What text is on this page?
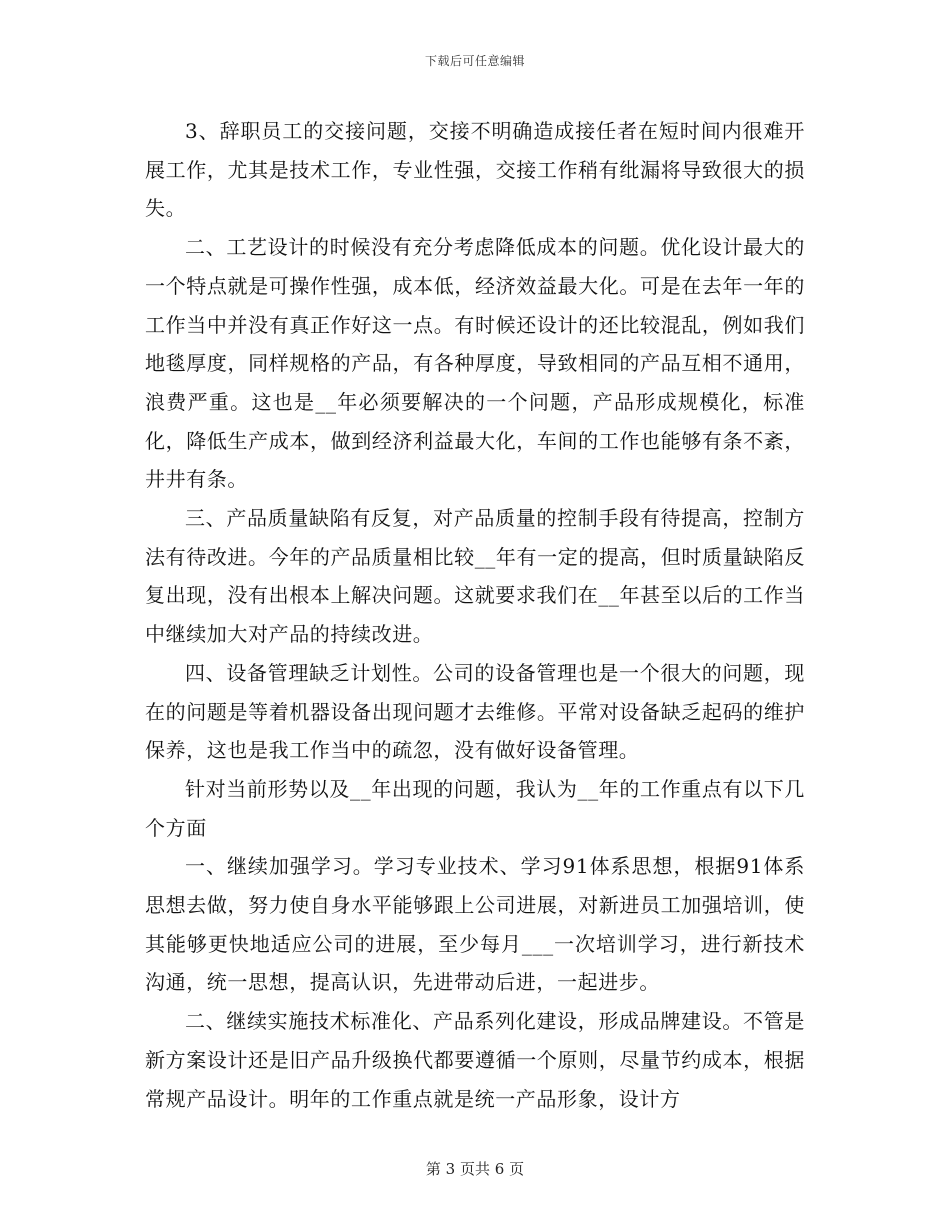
下载后可任意编辑

3、辞职员工的交接问题，交接不明确造成接任者在短时间内很难开展工作，尤其是技术工作，专业性强，交接工作稍有纰漏将导致很大的损失。

二、工艺设计的时候没有充分考虑降低成本的问题。优化设计最大的一个特点就是可操作性强，成本低，经济效益最大化。可是在去年一年的工作当中并没有真正作好这一点。有时候还设计的还比较混乱，例如我们地毯厚度，同样规格的产品，有各种厚度，导致相同的产品互相不通用，浪费严重。这也是__年必须要解决的一个问题，产品形成规模化，标准化，降低生产成本，做到经济利益最大化，车间的工作也能够有条不紊，井井有条。

三、产品质量缺陷有反复，对产品质量的控制手段有待提高，控制方法有待改进。今年的产品质量相比较__年有一定的提高，但时质量缺陷反复出现，没有出根本上解决问题。这就要求我们在__年甚至以后的工作当中继续加大对产品的持续改进。

四、设备管理缺乏计划性。公司的设备管理也是一个很大的问题，现在的问题是等着机器设备出现问题才去维修。平常对设备缺乏起码的维护保养，这也是我工作当中的疏忽，没有做好设备管理。

针对当前形势以及__年出现的问题，我认为__年的工作重点有以下几个方面

一、继续加强学习。学习专业技术、学习91体系思想，根据91体系思想去做，努力使自身水平能够跟上公司进展，对新进员工加强培训，使其能够更快地适应公司的进展，至少每月___一次培训学习，进行新技术沟通，统一思想，提高认识，先进带动后进，一起进步。

二、继续实施技术标准化、产品系列化建设，形成品牌建设。不管是新方案设计还是旧产品升级换代都要遵循一个原则，尽量节约成本，根据常规产品设计。明年的工作重点就是统一产品形象，设计方

第 3 页共 6 页
